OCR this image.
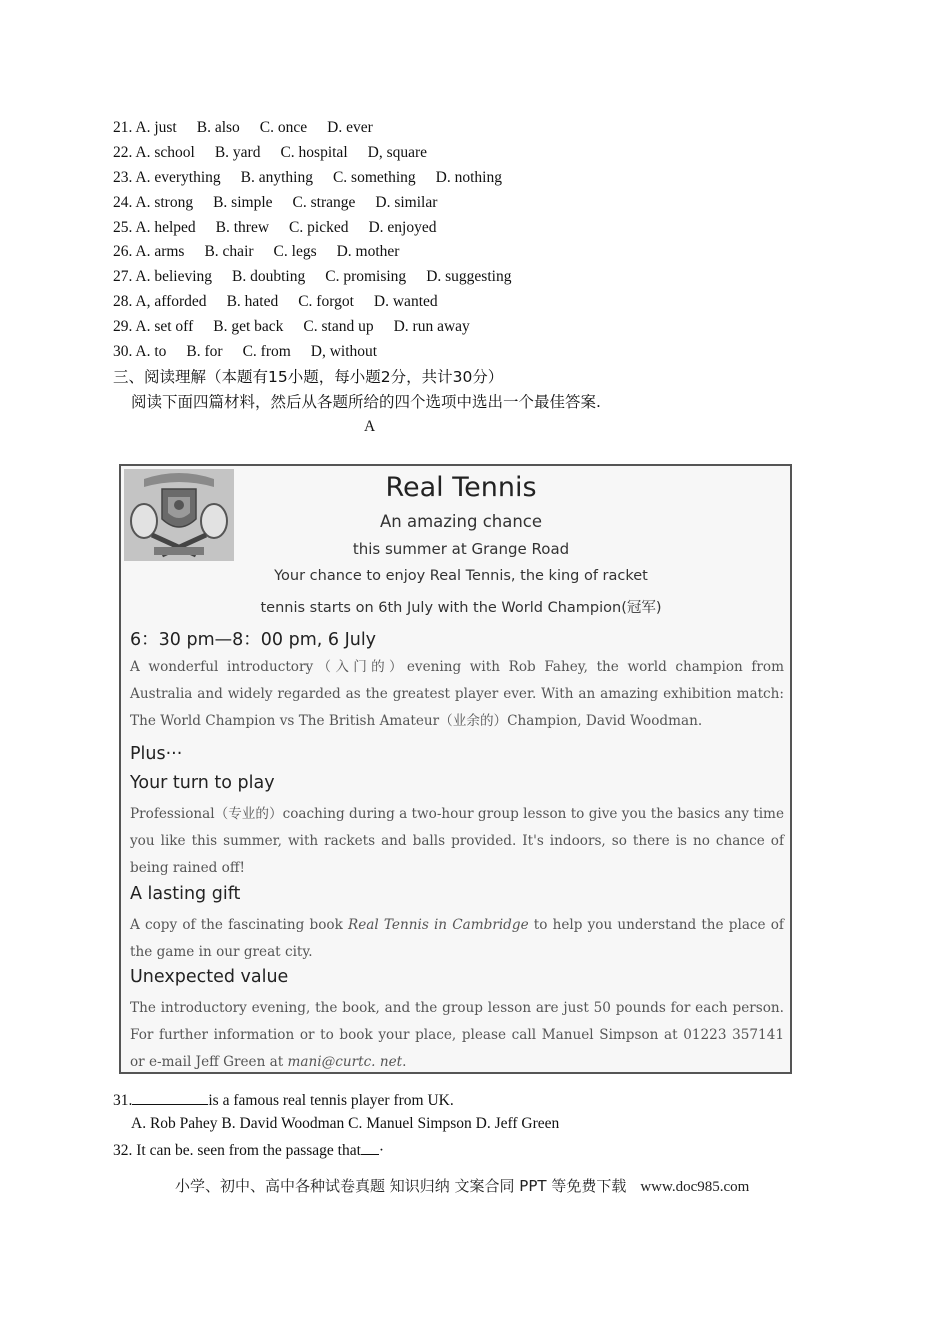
21. A. just B. also C. once D. ever
22. A. school B. yard C. hospital D, square
23. A. everything B. anything C. something D. nothing
24. A. strong B. simple C. strange D. similar
25. A. helped B. threw C. picked D. enjoyed
26. A. arms B. chair C. legs D. mother
27. A. believing B. doubting C. promising D. suggesting
28. A, afforded B. hated C. forgot D. wanted
29. A. set off B. get back C. stand up D. run away
30. A. to B. for C. from D, without
三、阅读理解（本题有15小题，每小题2分，共计30分）
阅读下面四篇材料，然后从各题所给的四个选项中选出一个最佳答案.
A
Real Tennis
An amazing chance
this summer at Grange Road
Your chance to enjoy Real Tennis, the king of racket
tennis starts on 6th July with the World Champion(冠军)
6：30 pm—8：00 pm, 6 July
A wonderful introductory（入门的）evening with Rob Fahey, the world champion from Australia and widely regarded as the greatest player ever. With an amazing exhibition match: The World Champion vs The British Amateur（业余的）Champion, David Woodman.
Plus···
Your turn to play
Professional（专业的）coaching during a two-hour group lesson to give you the basics any time you like this summer, with rackets and balls provided. It's indoors, so there is no chance of being rained off!
A lasting gift
A copy of the fascinating book Real Tennis in Cambridge to help you understand the place of the game in our great city.
Unexpected value
The introductory evening, the book, and the group lesson are just 50 pounds for each person. For further information or to book your place, please call Manuel Simpson at 01223 357141 or e-mail Jeff Green at mani@curtc. net.
31.	is a famous real tennis player from UK.
A. Rob Pahey B. David Woodman C. Manuel Simpson D. Jeff Green
32. It can be. seen from the passage that ·
小学、初中、高中各种试卷真题 知识归纳 文案合同 PPT 等免费下载 www.doc985.com
